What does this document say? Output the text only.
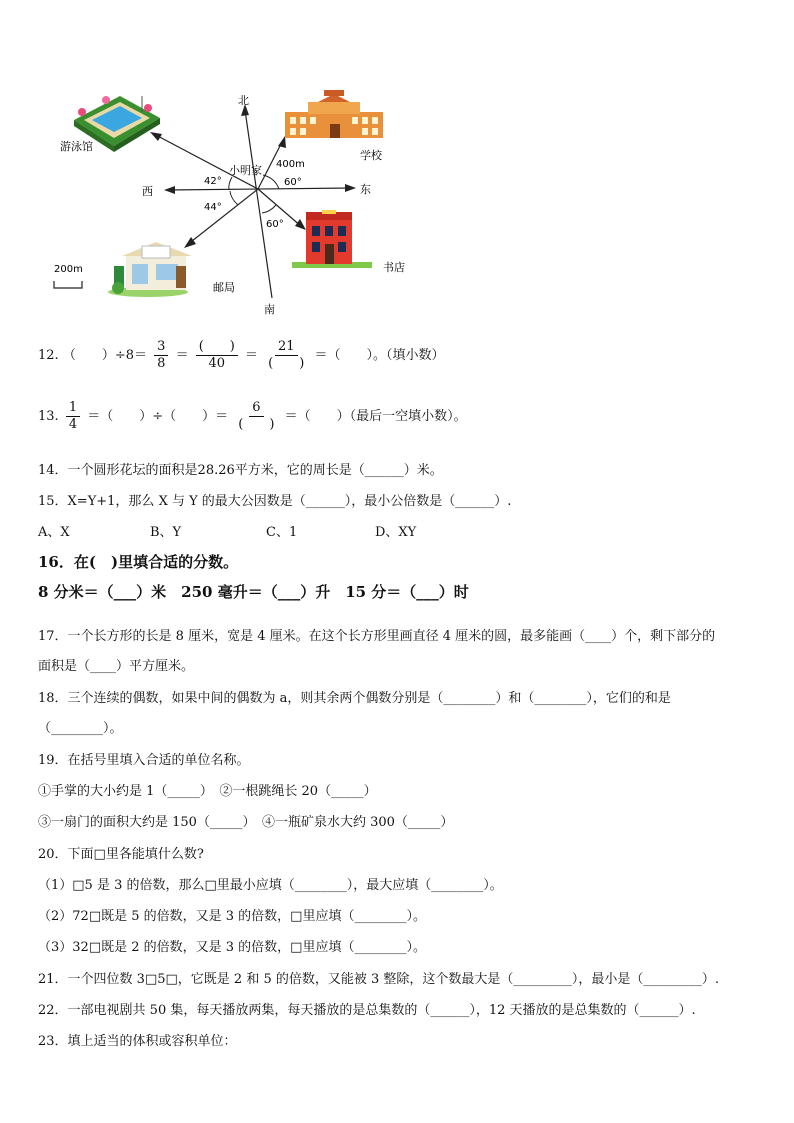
北
南
东
西
小明家 400m
42°	60°
44°
60°
游泳馆
学校
书店
邮局
200m
12. （　　）$\div 8= \frac{3}{8} = \frac{( )}{40} = \frac{21}{( )}$ ＝（　　）。（填小数）
13. $\frac{1}{4}$ ＝（　　）÷（　　）＝ $\frac{6}{( )}$ ＝（　　）（最后一空填小数）。
14．一个圆形花坛的面积是28.26平方米，它的周长是（______）米。
15．X=Y+1，那么 X 与 Y 的最大公因数是（______），最小公倍数是（______）.
A、X	B、Y	C、1	D、XY
16．在(　)里填合适的分数。
8 分米＝（___）米　250 毫升＝（___）升　15 分＝（___）时
17．一个长方形的长是 8 厘米，宽是 4 厘米。在这个长方形里画直径 4 厘米的圆，最多能画（____）个，剩下部分的
面积是（____）平方厘米。
18．三个连续的偶数，如果中间的偶数为 a，则其余两个偶数分别是（________）和（________），它们的和是
（________）。
19．在括号里填入合适的单位名称。
①手掌的大小约是 1（_____）　②一根跳绳长 20（_____）
③一扇门的面积大约是 150（_____）　④一瓶矿泉水大约 300（_____）
20．下面□里各能填什么数?
（1）□5 是 3 的倍数，那么□里最小应填（________），最大应填（________）。
（2）72□既是 5 的倍数，又是 3 的倍数，□里应填（________）。
（3）32□既是 2 的倍数，又是 3 的倍数，□里应填（________）。
21．一个四位数 3□5□，它既是 2 和 5 的倍数，又能被 3 整除，这个数最大是（_________），最小是（_________）.
22．一部电视剧共 50 集，每天播放两集，每天播放的是总集数的（______），12 天播放的是总集数的（______）.
23．填上适当的体积或容积单位：
